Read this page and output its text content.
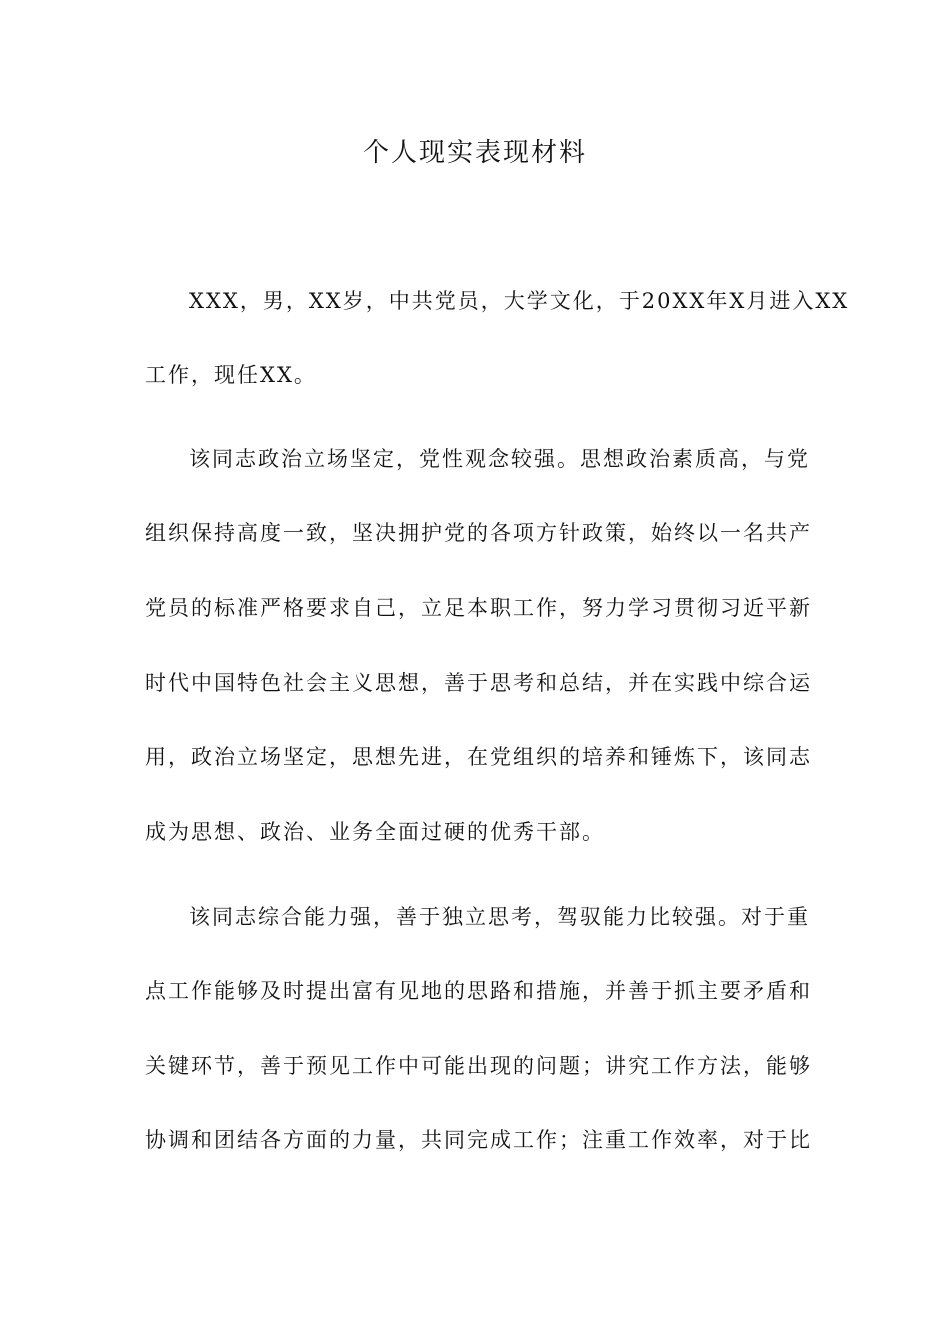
个人现实表现材料
XXX，男，XX岁，中共党员，大学文化，于20XX年X月进入XX
工作，现任XX。
该同志政治立场坚定，党性观念较强。思想政治素质高，与党
组织保持高度一致，坚决拥护党的各项方针政策，始终以一名共产
党员的标准严格要求自己，立足本职工作，努力学习贯彻习近平新
时代中国特色社会主义思想，善于思考和总结，并在实践中综合运
用，政治立场坚定，思想先进，在党组织的培养和锤炼下，该同志
成为思想、政治、业务全面过硬的优秀干部。
该同志综合能力强，善于独立思考，驾驭能力比较强。对于重
点工作能够及时提出富有见地的思路和措施，并善于抓主要矛盾和
关键环节，善于预见工作中可能出现的问题；讲究工作方法，能够
协调和团结各方面的力量，共同完成工作；注重工作效率，对于比
